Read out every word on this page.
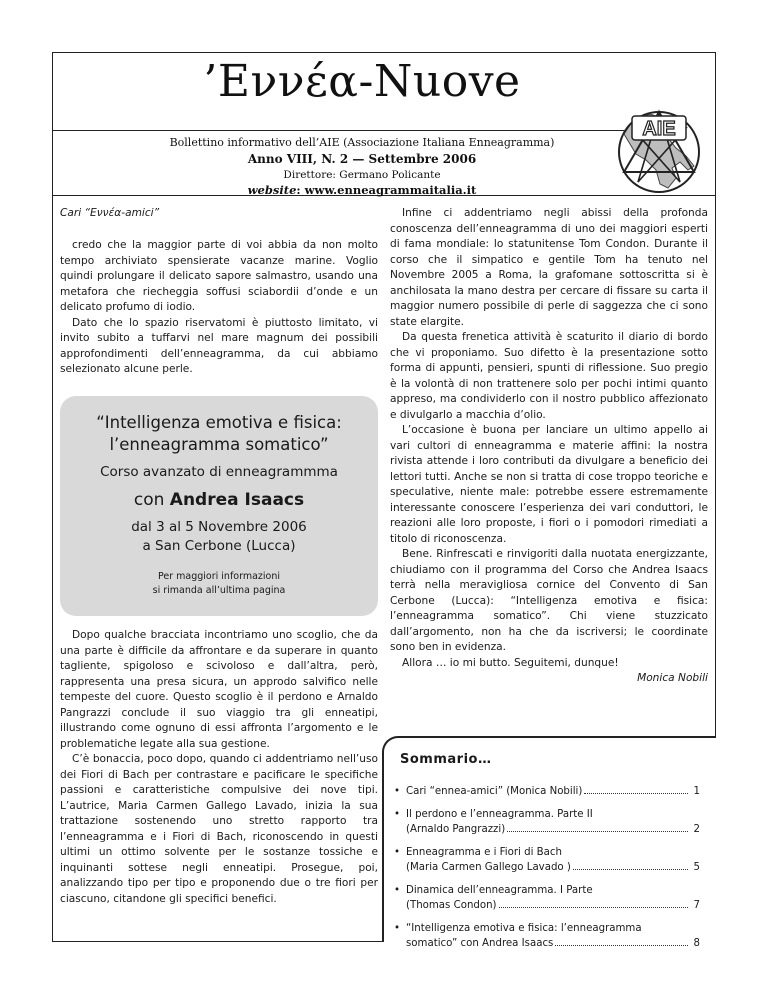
’Εννέα-Nuove
Bollettino informativo dell’AIE (Associazione Italiana Enneagramma)
Anno VIII, N. 2 — Settembre 2006
Direttore: Germano Policante
website: www.enneagrammaitalia.it
AIE
Cari “Εννέα-amici”

credo che la maggior parte di voi abbia da non molto tempo archiviato spensierate vacanze marine. Voglio quindi prolungare il delicato sapore salmastro, usando una metafora che riecheggia soffusi sciabordii d’onde e un delicato profumo di iodio.

Dato che lo spazio riservatomi è piuttosto limitato, vi invito subito a tuffarvi nel mare magnum dei possibili approfondimenti dell’enneagramma, da cui abbiamo selezionato alcune perle.

“Intelligenza emotiva e fisica: l’enneagramma somatico”
Corso avanzato di enneagrammma
con Andrea Isaacs
dal 3 al 5 Novembre 2006
a San Cerbone (Lucca)
Per maggiori informazioni
si rimanda all’ultima pagina

Dopo qualche bracciata incontriamo uno scoglio, che da una parte è difficile da affrontare e da superare in quanto tagliente, spigoloso e scivoloso e dall’altra, però, rappresenta una presa sicura, un approdo salvifico nelle tempeste del cuore. Questo scoglio è il perdono e Arnaldo Pangrazzi conclude il suo viaggio tra gli enneatipi, illustrando come ognuno di essi affronta l’argomento e le problematiche legate alla sua gestione.

C’è bonaccia, poco dopo, quando ci addentriamo nell’uso dei Fiori di Bach per contrastare e pacificare le specifiche passioni e caratteristiche compulsive dei nove tipi. L’autrice, Maria Carmen Gallego Lavado, inizia la sua trattazione sostenendo uno stretto rapporto tra l’enneagramma e i Fiori di Bach, riconoscendo in questi ultimi un ottimo solvente per le sostanze tossiche e inquinanti sottese negli enneatipi. Prosegue, poi, analizzando tipo per tipo e proponendo due o tre fiori per ciascuno, citandone gli specifici benefici.

Infine ci addentriamo negli abissi della profonda conoscenza dell’enneagramma di uno dei maggiori esperti di fama mondiale: lo statunitense Tom Condon. Durante il corso che il simpatico e gentile Tom ha tenuto nel Novembre 2005 a Roma, la grafomane sottoscritta si è anchilosata la mano destra per cercare di fissare su carta il maggior numero possibile di perle di saggezza che ci sono state elargite.

Da questa frenetica attività è scaturito il diario di bordo che vi proponiamo. Suo difetto è la presentazione sotto forma di appunti, pensieri, spunti di riflessione. Suo pregio è la volontà di non trattenere solo per pochi intimi quanto appreso, ma condividerlo con il nostro pubblico affezionato e divulgarlo a macchia d’olio.

L’occasione è buona per lanciare un ultimo appello ai vari cultori di enneagramma e materie affini: la nostra rivista attende i loro contributi da divulgare a beneficio dei lettori tutti. Anche se non si tratta di cose troppo teoriche e speculative, niente male: potrebbe essere estremamente interessante conoscere l’esperienza dei vari conduttori, le reazioni alle loro proposte, i fiori o i pomodori rimediati a titolo di riconoscenza.

Bene. Rinfrescati e rinvigoriti dalla nuotata energizzante, chiudiamo con il programma del Corso che Andrea Isaacs terrà nella meravigliosa cornice del Convento di San Cerbone (Lucca): “Intelligenza emotiva e fisica: l’enneagramma somatico”. Chi viene stuzzicato dall’argomento, non ha che da iscriversi; le coordinate sono ben in evidenza.

Allora … io mi butto. Seguitemi, dunque!

Monica Nobili

Sommario…
• Cari “ennea-amici” (Monica Nobili)	1
• Il perdono e l’enneagramma. Parte II
(Arnaldo Pangrazzi)	2
• Enneagramma e i Fiori di Bach
(Maria Carmen Gallego Lavado )	5
• Dinamica dell’enneagramma. I Parte
(Thomas Condon)	7
• “Intelligenza emotiva e fisica: l’enneagramma
somatico” con Andrea Isaacs	8
